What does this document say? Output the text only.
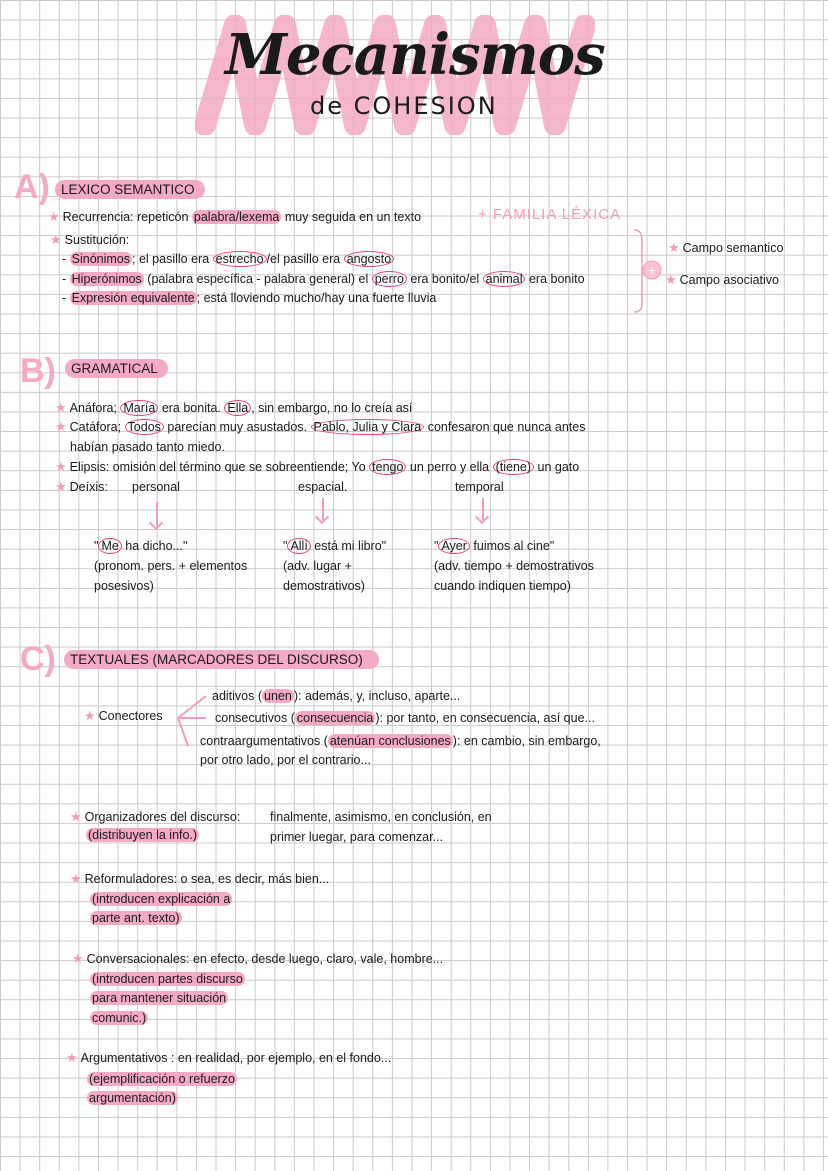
Mecanismos
de COHESION
A) LEXICO SEMANTICO
★ Recurrencia: repeticón palabra/lexema muy seguida en un texto	+ FAMILIA LÉXICA
★ Sustitución:
- Sinónimos ; el pasillo era estrecho /el pasillo era angosto
- Hiperónimos (palabra específica - palabra general) el perro era bonito/el animal era bonito
- Expresión equivalente ; está lloviendo mucho/hay una fuerte lluvia
+
★ Campo semantico
★ Campo asociativo
B)	GRAMATICAL
★ Anáfora; María era bonita. Ella , sin embargo, no lo creía así
★ Catáfora; Todos parecían muy asustados. Pablo, Julia y Clara confesaron que nunca antes
habían pasado tanto miedo.
★ Elipsis: omisión del término que se sobreentiende; Yo tengo un perro y ella (tiene) un gato
★ Deíxis: personal	espacial.	temporal
" Me ha dicho..."
(pronom. pers. + elementos
posesivos)
" Allí está mi libro"
(adv. lugar +
demostrativos)
" Ayer fuimos al cine"
(adv. tiempo + demostrativos
cuando indiquen tiempo)
C)	TEXTUALES (MARCADORES DEL DISCURSO)
★ Conectores
aditivos ( unen ): además, y, incluso, aparte...
consecutivos ( consecuencia ): por tanto, en consecuencia, así que...
contraargumentativos ( atenúan conclusiones ): en cambio, sin embargo,
por otro lado, por el contrario...
★ Organizadores del discurso:
(distribuyen la info.)
finalmente, asimismo, en conclusión, en
primer luegar, para comenzar...
★ Reformuladores: o sea, es decir, más bien...
(introducen explicación a
parte ant. texto)
★ Conversacionales: en efecto, desde luego, claro, vale, hombre...
(introducen partes discurso
para mantener situación
comunic.)
★ Argumentativos : en realidad, por ejemplo, en el fondo...
(ejemplificación o refuerzo
argumentación)
